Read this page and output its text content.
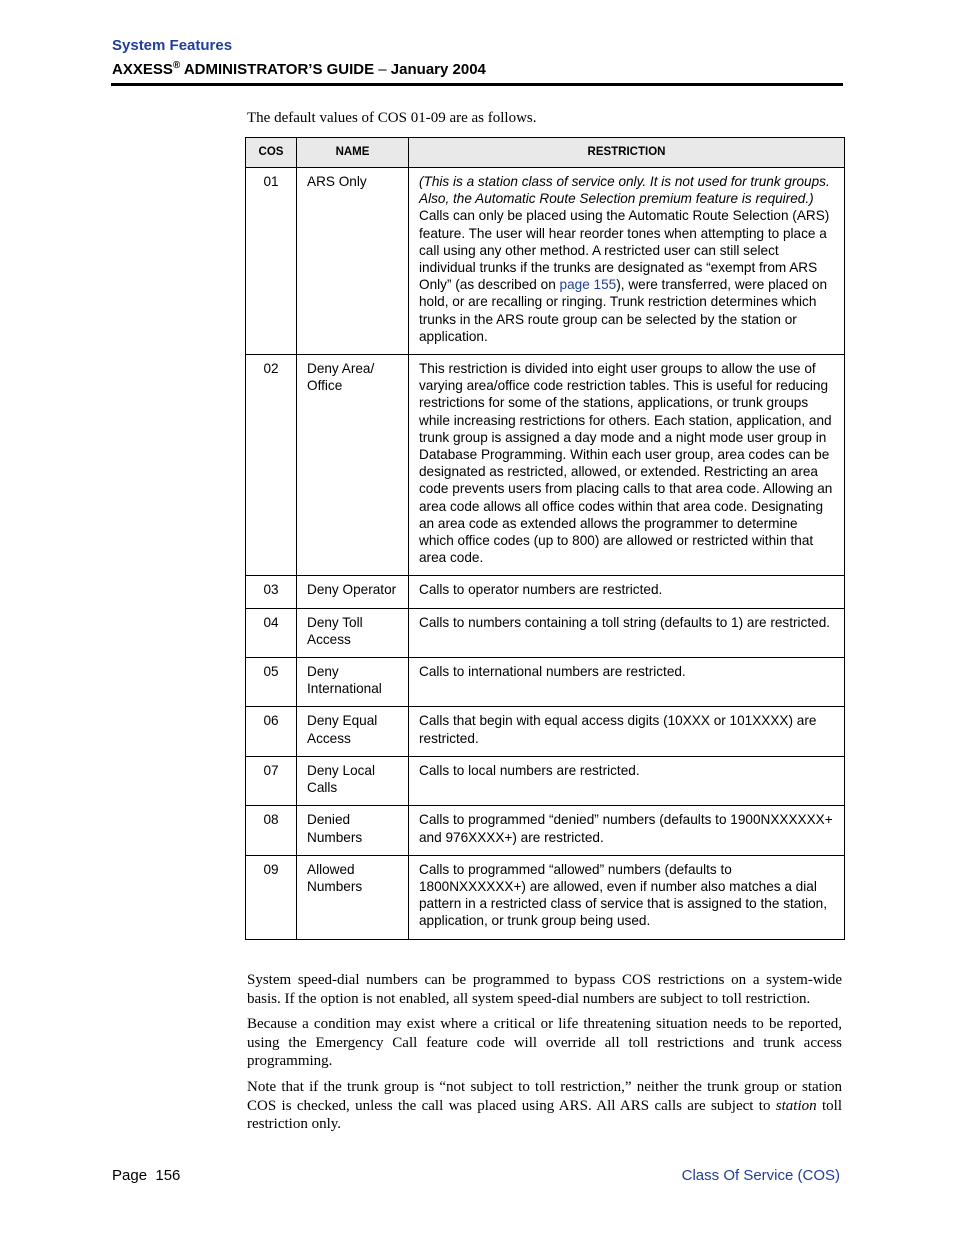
System Features
AXXESS® ADMINISTRATOR’S GUIDE – January 2004
The default values of COS 01-09 are as follows.
COS	NAME	RESTRICTION
01	ARS Only	(This is a station class of service only. It is not used for trunk groups. Also, the Automatic Route Selection premium feature is required.) Calls can only be placed using the Automatic Route Selection (ARS) feature. The user will hear reorder tones when attempting to place a call using any other method. A restricted user can still select individual trunks if the trunks are designated as “exempt from ARS Only” (as described on page 155), were transferred, were placed on hold, or are recalling or ringing. Trunk restriction determines which trunks in the ARS route group can be selected by the station or application.
02	Deny Area/ Office	This restriction is divided into eight user groups to allow the use of varying area/office code restriction tables. This is useful for reducing restrictions for some of the stations, applications, or trunk groups while increasing restrictions for others. Each station, application, and trunk group is assigned a day mode and a night mode user group in Database Programming. Within each user group, area codes can be designated as restricted, allowed, or extended. Restricting an area code prevents users from placing calls to that area code. Allowing an area code allows all office codes within that area code. Designating an area code as extended allows the programmer to determine which office codes (up to 800) are allowed or restricted within that area code.
03	Deny Operator	Calls to operator numbers are restricted.
04	Deny Toll Access	Calls to numbers containing a toll string (defaults to 1) are restricted.
05	Deny International	Calls to international numbers are restricted.
06	Deny Equal Access	Calls that begin with equal access digits (10XXX or 101XXXX) are restricted.
07	Deny Local Calls	Calls to local numbers are restricted.
08	Denied Numbers	Calls to programmed “denied” numbers (defaults to 1900NXXXXXX+ and 976XXXX+) are restricted.
09	Allowed Numbers	Calls to programmed “allowed” numbers (defaults to 1800NXXXXXX+) are allowed, even if number also matches a dial pattern in a restricted class of service that is assigned to the station, application, or trunk group being used.
System speed-dial numbers can be programmed to bypass COS restrictions on a system-wide basis. If the option is not enabled, all system speed-dial numbers are subject to toll restriction.
Because a condition may exist where a critical or life threatening situation needs to be reported, using the Emergency Call feature code will override all toll restrictions and trunk access programming.
Note that if the trunk group is “not subject to toll restriction,” neither the trunk group or station COS is checked, unless the call was placed using ARS. All ARS calls are subject to station toll restriction only.
Page  156	Class Of Service (COS)
